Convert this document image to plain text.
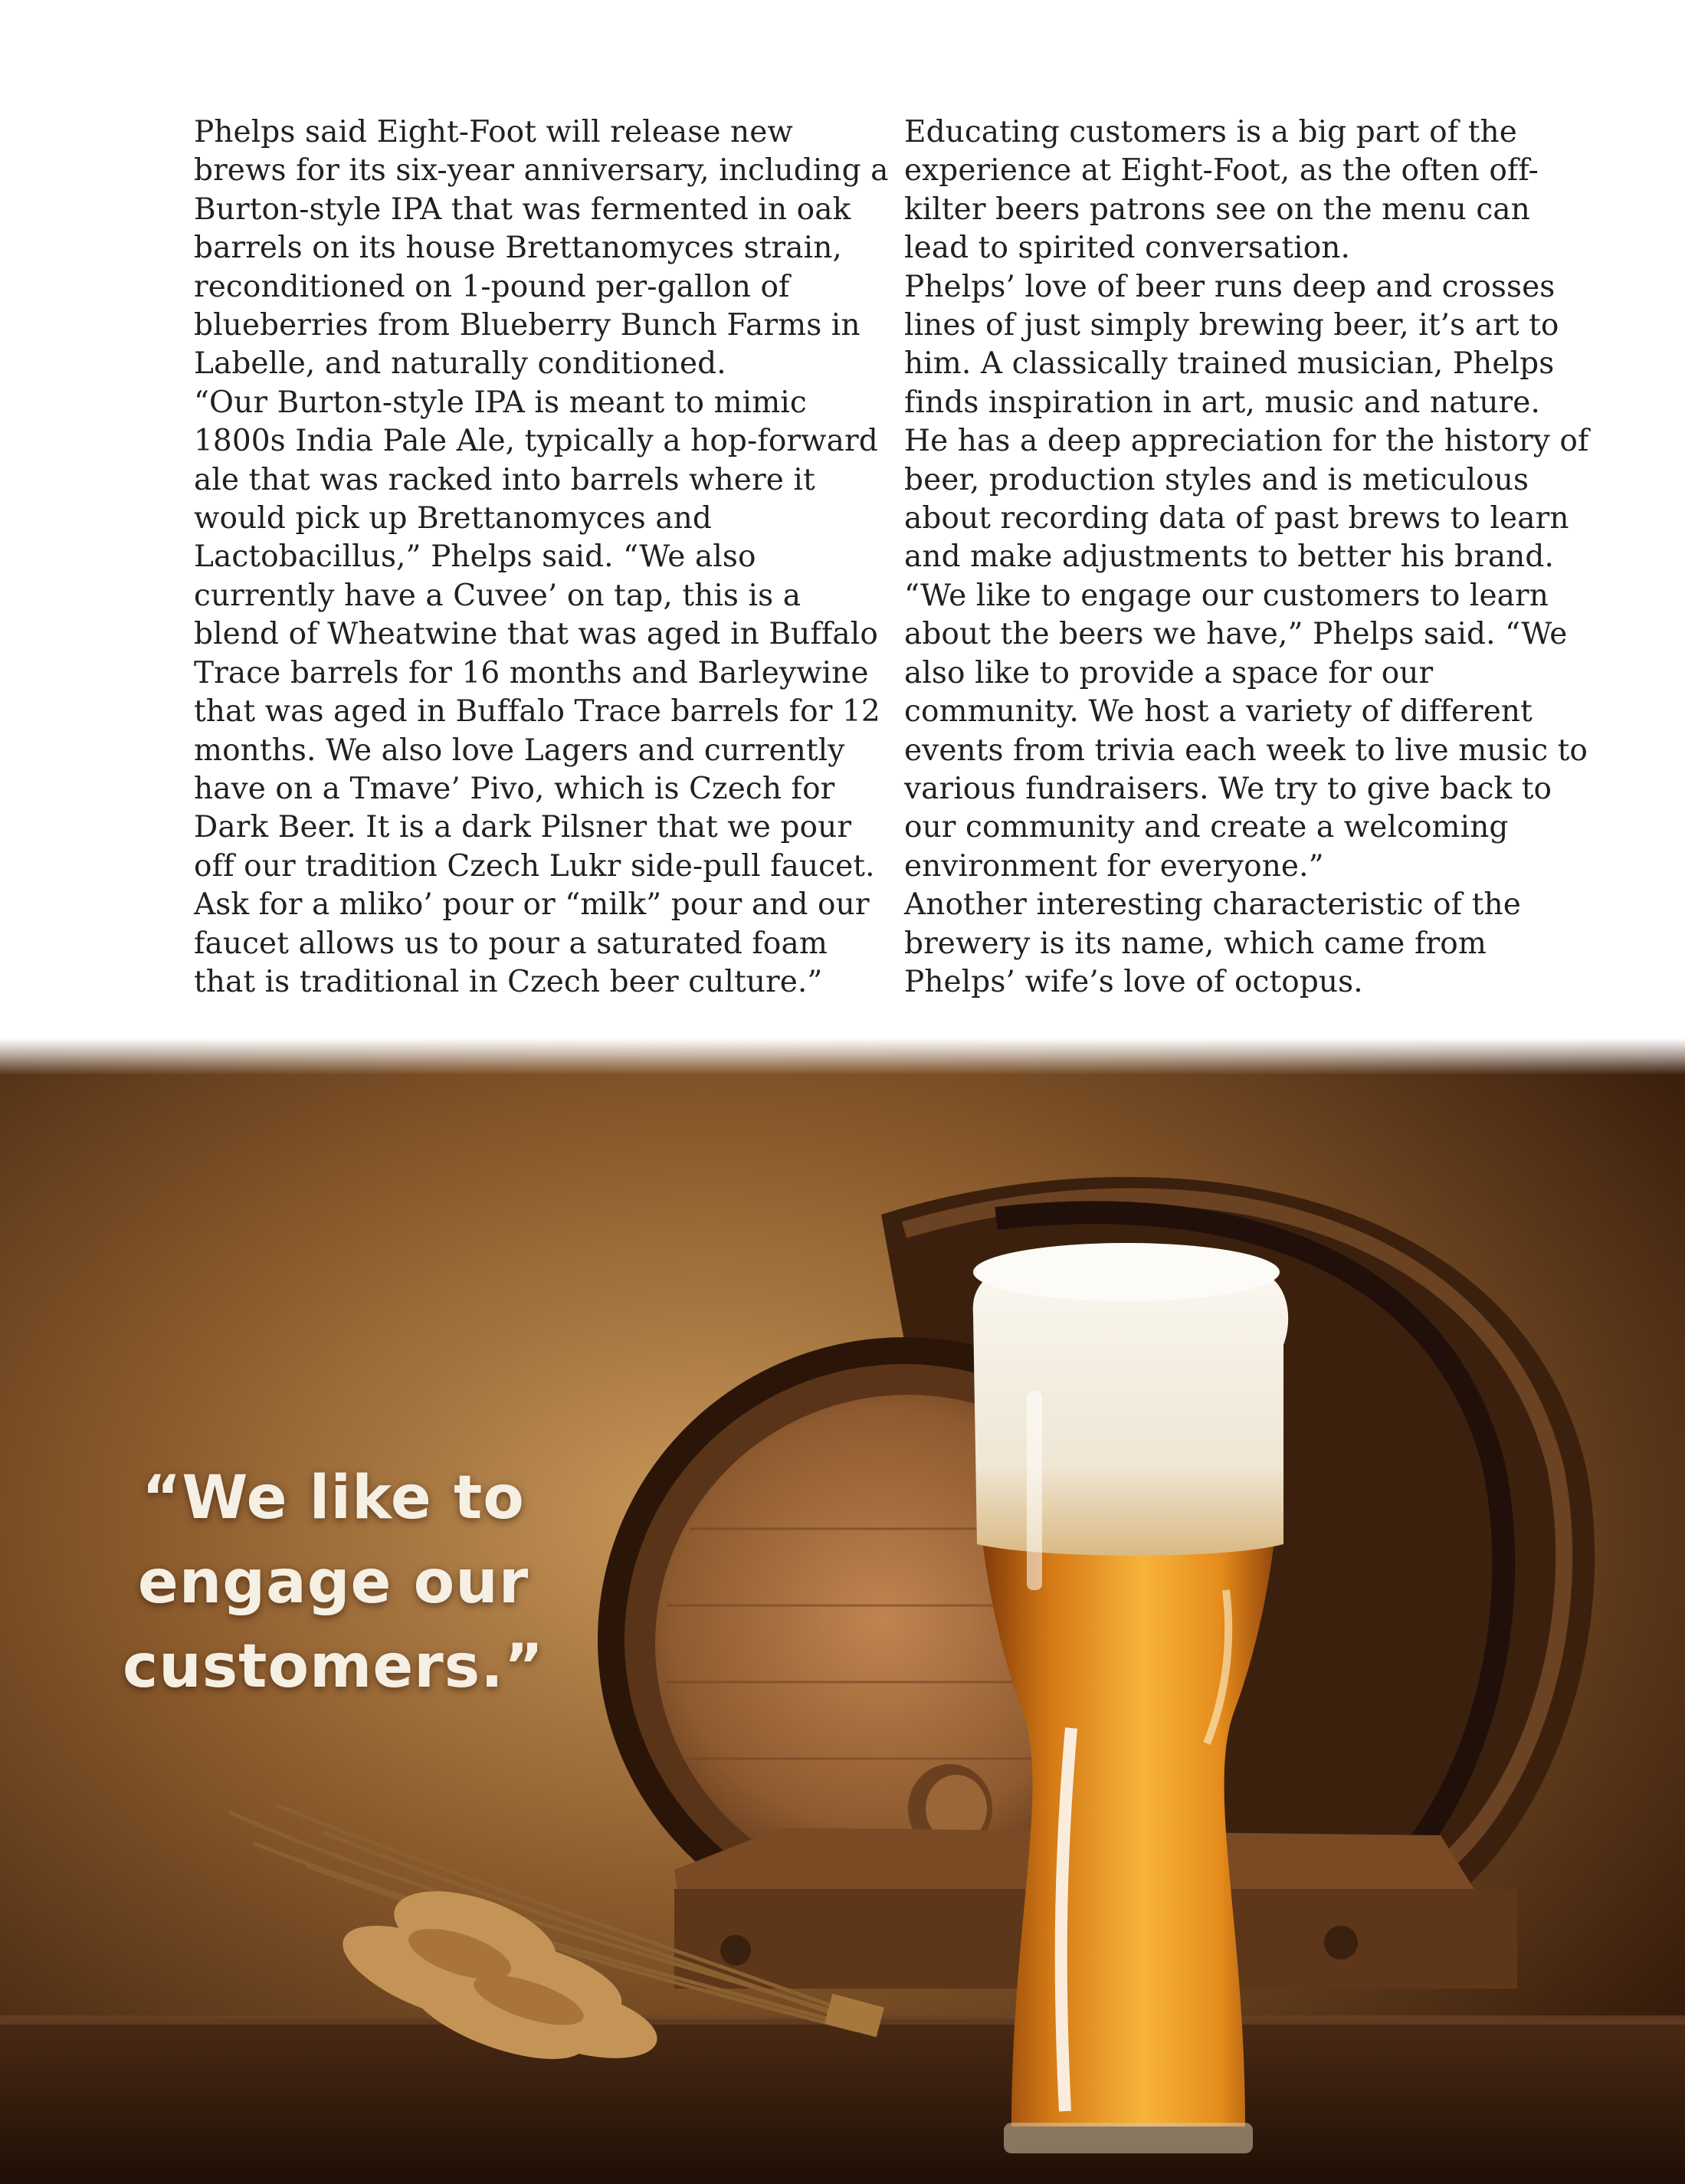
Phelps said Eight-Foot will release new
brews for its six-year anniversary, including a
Burton-style IPA that was fermented in oak
barrels on its house Brettanomyces strain,
reconditioned on 1-pound per-gallon of
blueberries from Blueberry Bunch Farms in
Labelle, and naturally conditioned.

“Our Burton-style IPA is meant to mimic
1800s India Pale Ale, typically a hop-forward
ale that was racked into barrels where it
would pick up Brettanomyces and
Lactobacillus,” Phelps said. “We also
currently have a Cuvee’ on tap, this is a
blend of Wheatwine that was aged in Buffalo
Trace barrels for 16 months and Barleywine
that was aged in Buffalo Trace barrels for 12
months. We also love Lagers and currently
have on a Tmave’ Pivo, which is Czech for
Dark Beer. It is a dark Pilsner that we pour
off our tradition Czech Lukr side-pull faucet.
Ask for a mliko’ pour or “milk” pour and our
faucet allows us to pour a saturated foam
that is traditional in Czech beer culture.”

Educating customers is a big part of the
experience at Eight-Foot, as the often off-
kilter beers patrons see on the menu can
lead to spirited conversation.

Phelps’ love of beer runs deep and crosses
lines of just simply brewing beer, it’s art to
him. A classically trained musician, Phelps
finds inspiration in art, music and nature.
He has a deep appreciation for the history of
beer, production styles and is meticulous
about recording data of past brews to learn
and make adjustments to better his brand.

“We like to engage our customers to learn
about the beers we have,” Phelps said. “We
also like to provide a space for our
community. We host a variety of different
events from trivia each week to live music to
various fundraisers. We try to give back to
our community and create a welcoming
environment for everyone.”

Another interesting characteristic of the
brewery is its name, which came from
Phelps’ wife’s love of octopus.

“We like to
engage our
customers.”
